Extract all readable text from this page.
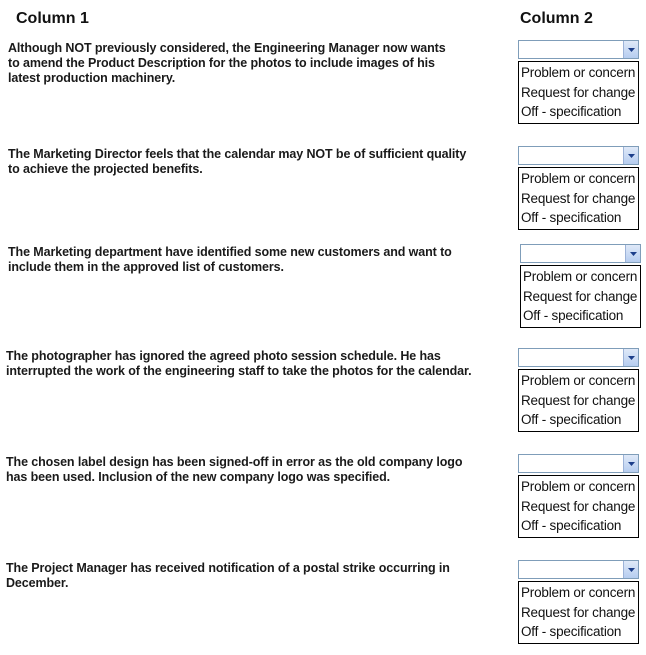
Column 1	Column 2
Although NOT previously considered, the Engineering Manager now wants
to amend the Product Description for the photos to include images of his
latest production machinery.	Problem or concern
Request for change
Off - specification
The Marketing Director feels that the calendar may NOT be of sufficient quality
to achieve the projected benefits.
Problem or concern
Request for change
Off - specification
The Marketing department have identified some new customers and want to
include them in the approved list of customers.
Problem or concern
Request for change
Off - specification
The photographer has ignored the agreed photo session schedule. He has
interrupted the work of the engineering staff to take the photos for the calendar.
Problem or concern
Request for change
Off - specification
The chosen label design has been signed-off in error as the old company logo
has been used. Inclusion of the new company logo was specified.
Problem or concern
Request for change
Off - specification
The Project Manager has received notification of a postal strike occurring in December.
Problem or concern
Request for change
Off - specification
